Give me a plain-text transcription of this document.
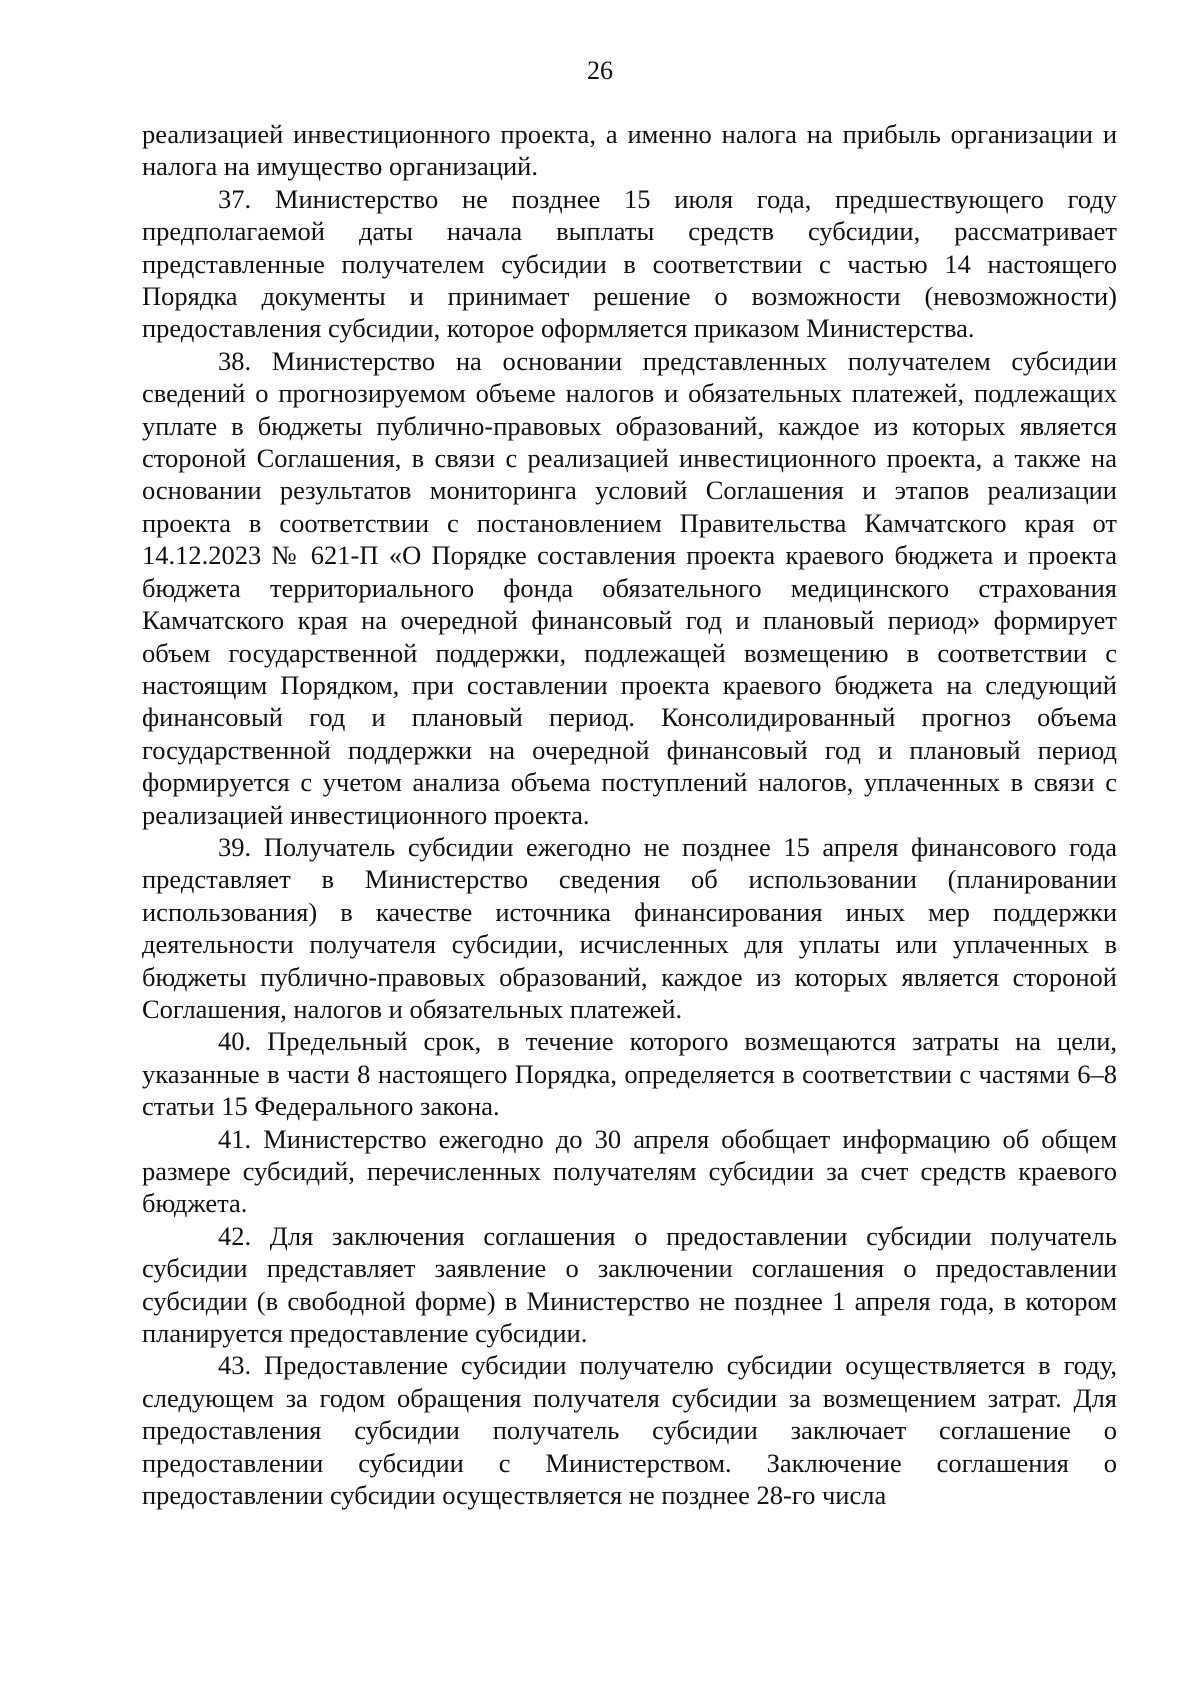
26

реализацией инвестиционного проекта, а именно налога на прибыль организации и налога на имущество организаций.

37. Министерство не позднее 15 июля года, предшествующего году предполагаемой даты начала выплаты средств субсидии, рассматривает представленные получателем субсидии в соответствии с частью 14 настоящего Порядка документы и принимает решение о возможности (невозможности) предоставления субсидии, которое оформляется приказом Министерства.

38. Министерство на основании представленных получателем субсидии сведений о прогнозируемом объеме налогов и обязательных платежей, подлежащих уплате в бюджеты публично-правовых образований, каждое из которых является стороной Соглашения, в связи с реализацией инвестиционного проекта, а также на основании результатов мониторинга условий Соглашения и этапов реализации проекта в соответствии с постановлением Правительства Камчатского края от 14.12.2023 № 621-П «О Порядке составления проекта краевого бюджета и проекта бюджета территориального фонда обязательного медицинского страхования Камчатского края на очередной финансовый год и плановый период» формирует объем государственной поддержки, подлежащей возмещению в соответствии с настоящим Порядком, при составлении проекта краевого бюджета на следующий финансовый год и плановый период. Консолидированный прогноз объема государственной поддержки на очередной финансовый год и плановый период формируется с учетом анализа объема поступлений налогов, уплаченных в связи с реализацией инвестиционного проекта.

39. Получатель субсидии ежегодно не позднее 15 апреля финансового года представляет в Министерство сведения об использовании (планировании использования) в качестве источника финансирования иных мер поддержки деятельности получателя субсидии, исчисленных для уплаты или уплаченных в бюджеты публично-правовых образований, каждое из которых является стороной Соглашения, налогов и обязательных платежей.

40. Предельный срок, в течение которого возмещаются затраты на цели, указанные в части 8 настоящего Порядка, определяется в соответствии с частями 6–8 статьи 15 Федерального закона.

41. Министерство ежегодно до 30 апреля обобщает информацию об общем размере субсидий, перечисленных получателям субсидии за счет средств краевого бюджета.

42. Для заключения соглашения о предоставлении субсидии получатель субсидии представляет заявление о заключении соглашения о предоставлении субсидии (в свободной форме) в Министерство не позднее 1 апреля года, в котором планируется предоставление субсидии.

43. Предоставление субсидии получателю субсидии осуществляется в году, следующем за годом обращения получателя субсидии за возмещением затрат. Для предоставления субсидии получатель субсидии заключает соглашение о предоставлении субсидии с Министерством. Заключение соглашения о предоставлении субсидии осуществляется не позднее 28-го числа
